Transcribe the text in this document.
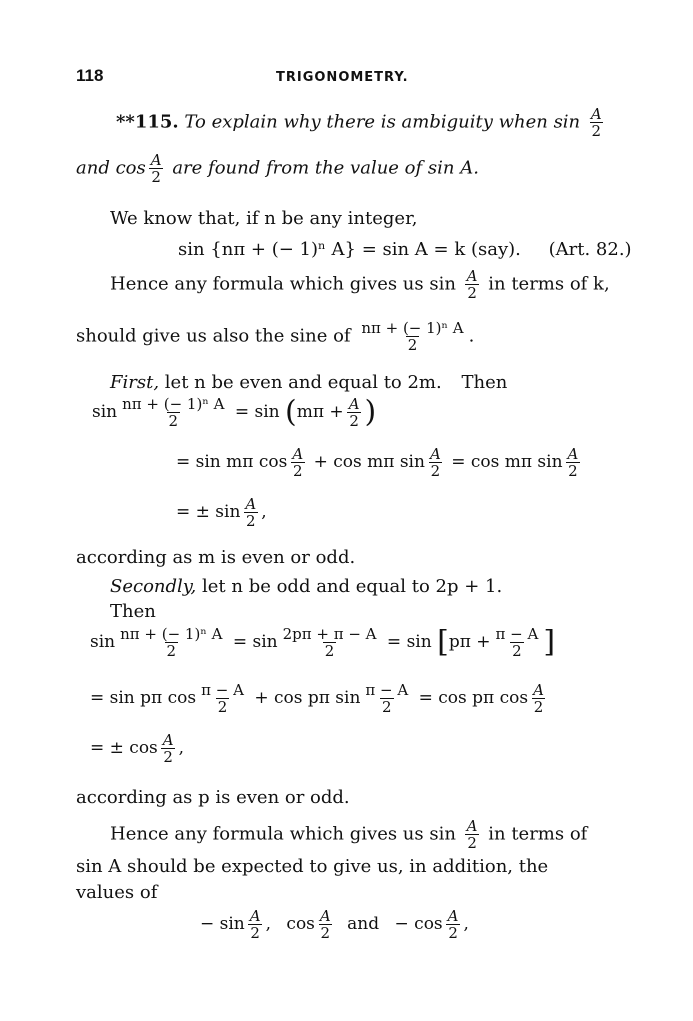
118	TRIGONOMETRY.
**115. To explain why there is ambiguity when $\sin \frac{A}{2}$
and $\cos \frac{A}{2}$ are found from the value of sin A.
We know that, if n be any integer,
sin {nπ + (− 1)ⁿ A} = sin A = k (say). (Art. 82.)
Hence any formula which gives us $\sin \frac{A}{2}$ in terms of k,
should give us also the sine of $\frac{\text{nπ + (− 1)ⁿ A}}{2}$ .
First, let n be even and equal to 2m. Then
$\sin \frac{\text{nπ + (− 1)ⁿ A}}{2} = \sin (m\pi + \frac{A}{2}$ )
= sin mπ $\cos \frac{A}{2} + \cos m\pi$ $\sin \frac{A}{2} = \cos m\pi$ $\sin \frac{A}{2}$
= ± $\sin \frac{A}{2}$ ,
according as m is even or odd.
Secondly, let n be odd and equal to 2p + 1.
Then
$\sin \frac{\text{nπ + (− 1)ⁿ A}}{2} = \sin \frac{2p\pi + \pi - A}{2} = \sin [p\pi + \frac{\pi - A}{2}$ ]
= sin pπ $\cos \frac{\pi - A}{2} + \cos p\pi$ $\sin \frac{\pi - A}{2} = \cos p\pi$ $\cos \frac{A}{2}$
= ± $\cos \frac{A}{2}$ ,
according as p is even or odd.
Hence any formula which gives us $\sin \frac{A}{2}$ in terms of
sin A should be expected to give us, in addition, the
values of
− $\sin \frac{A}{2}$ , $\cos \frac{A}{2}$ and − $\cos \frac{A}{2}$ ,
